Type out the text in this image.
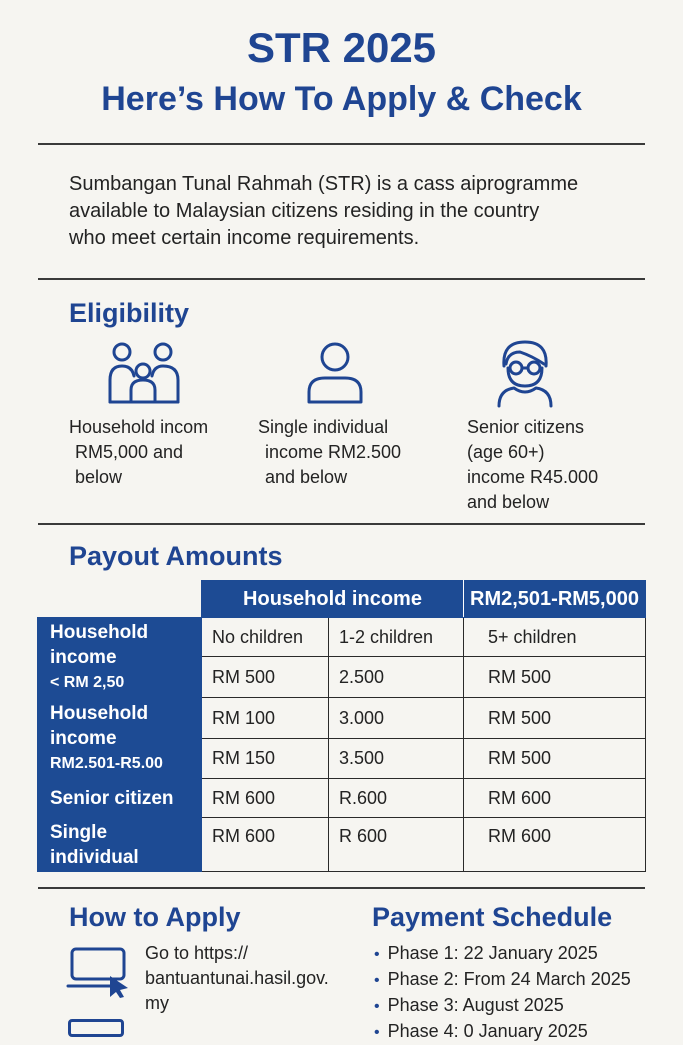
STR 2025
Here’s How To Apply & Check
Sumbangan Tunal Rahmah (STR) is a cass aiprogramme
available to Malaysian citizens residing in the country
who meet certain income requirements.
Eligibility
Household incom
RM5,000 and
below
Single individual
income RM2.500
and below
Senior citizens
(age 60+)
income R45.000
and below
Payout Amounts
	Household income		RM2,501-RM5,000

Household
income
< RM 2,50	No children	1-2 children	5+ children
	RM 500	2.500	RM 500

Household
income
RM2.501-R5.00	RM 100	3.000	RM 500
	RM 150	3.500	RM 500

Senior citizen	RM 600	R.600	RM 600

Single
individual	RM 600	R 600	RM 600
How to Apply
Go to https://
bantuantunai.hasil.gov.
my
Payment Schedule
• Phase 1: 22 January 2025
• Phase 2: From 24 March 2025
• Phase 3: August 2025
• Phase 4: 0 January 2025
